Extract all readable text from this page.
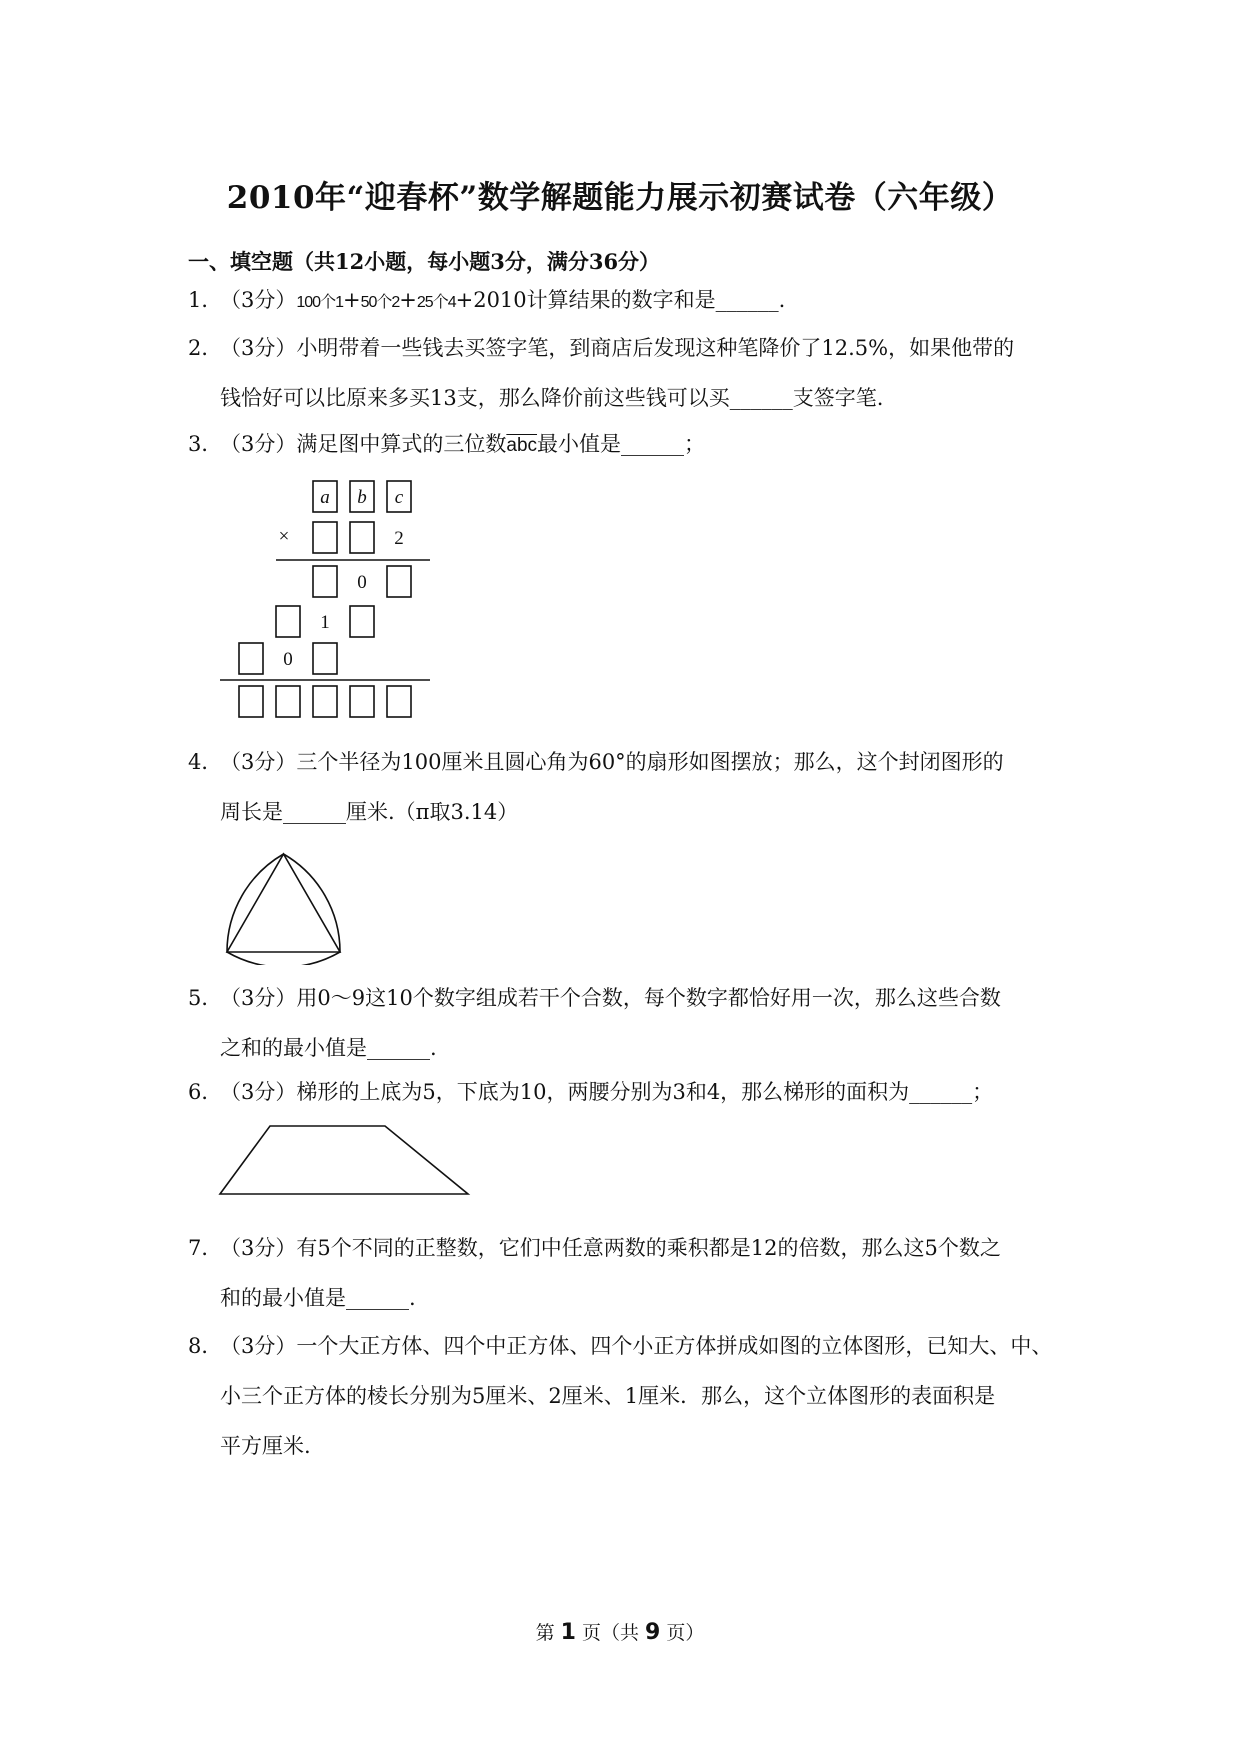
2010年“迎春杯”数学解题能力展示初赛试卷（六年级）
一、填空题（共12小题，每小题3分，满分36分）
1．
（3分）100个1+50个2+25个4+2010计算结果的数字和是______.
2．
（3分）小明带着一些钱去买签字笔，到商店后发现这种笔降价了12.5%，如果他带的
钱恰好可以比原来多买13支，那么降价前这些钱可以买______支签字笔.
3．
（3分）满足图中算式的三位数$\overline{abc}$最小值是______；
a b c
×	2
0
1
0
4．
（3分）三个半径为100厘米且圆心角为60°的扇形如图摆放；那么，这个封闭图形的
周长是______厘米.（π取3.14）
5．
（3分）用0～9这10个数字组成若干个合数，每个数字都恰好用一次，那么这些合数
之和的最小值是______.
6．
（3分）梯形的上底为5，下底为10，两腰分别为3和4，那么梯形的面积为______；
7．
（3分）有5个不同的正整数，它们中任意两数的乘积都是12的倍数，那么这5个数之
和的最小值是______.
8．
（3分）一个大正方体、四个中正方体、四个小正方体拼成如图的立体图形，已知大、中、
小三个正方体的棱长分别为5厘米、2厘米、1厘米．那么，这个立体图形的表面积是
平方厘米.
第 1 页（共 9 页）
